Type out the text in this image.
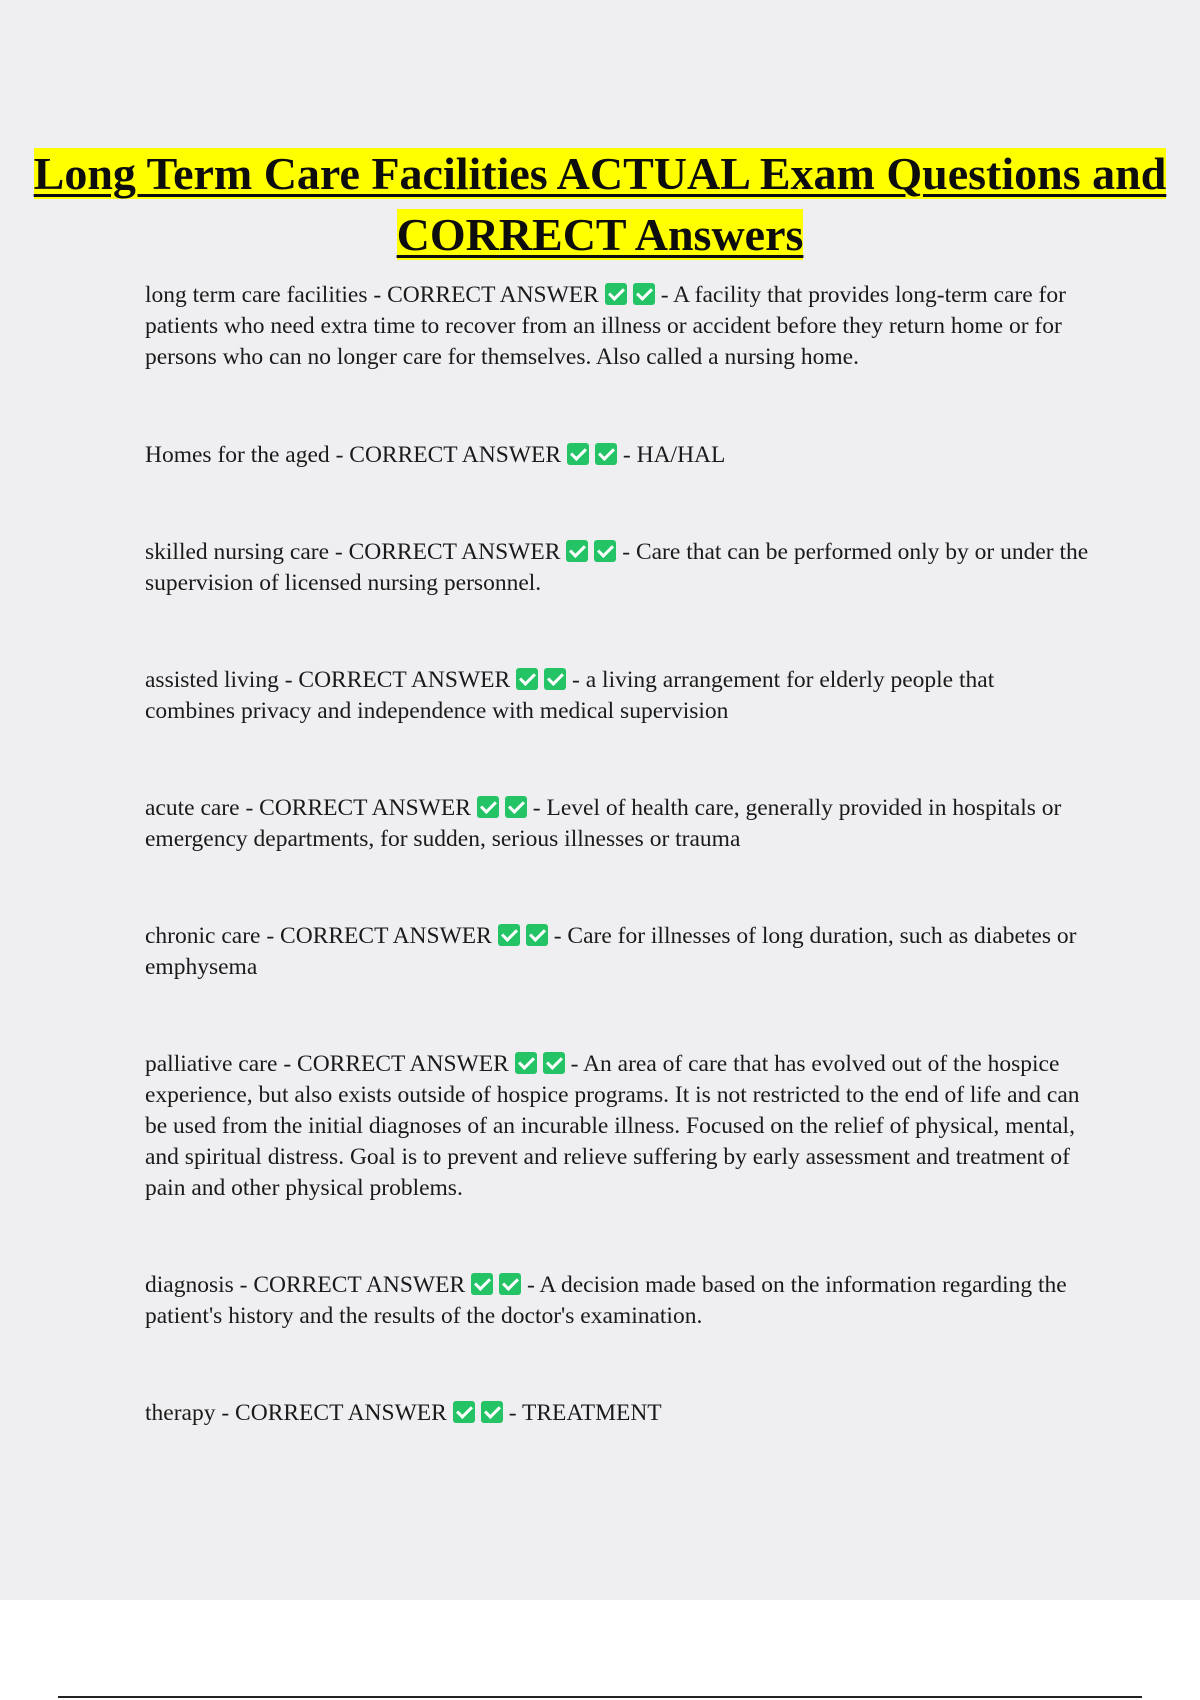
Long Term Care Facilities ACTUAL Exam Questions and CORRECT Answers

long term care facilities - CORRECT ANSWER - A facility that provides long-term care for patients who need extra time to recover from an illness or accident before they return home or for persons who can no longer care for themselves. Also called a nursing home.

Homes for the aged - CORRECT ANSWER - HA/HAL

skilled nursing care - CORRECT ANSWER - Care that can be performed only by or under the supervision of licensed nursing personnel.

assisted living - CORRECT ANSWER - a living arrangement for elderly people that combines privacy and independence with medical supervision

acute care - CORRECT ANSWER - Level of health care, generally provided in hospitals or emergency departments, for sudden, serious illnesses or trauma

chronic care - CORRECT ANSWER - Care for illnesses of long duration, such as diabetes or emphysema

palliative care - CORRECT ANSWER - An area of care that has evolved out of the hospice experience, but also exists outside of hospice programs. It is not restricted to the end of life and can be used from the initial diagnoses of an incurable illness. Focused on the relief of physical, mental, and spiritual distress. Goal is to prevent and relieve suffering by early assessment and treatment of pain and other physical problems.

diagnosis - CORRECT ANSWER - A decision made based on the information regarding the patient's history and the results of the doctor's examination.

therapy - CORRECT ANSWER - TREATMENT
